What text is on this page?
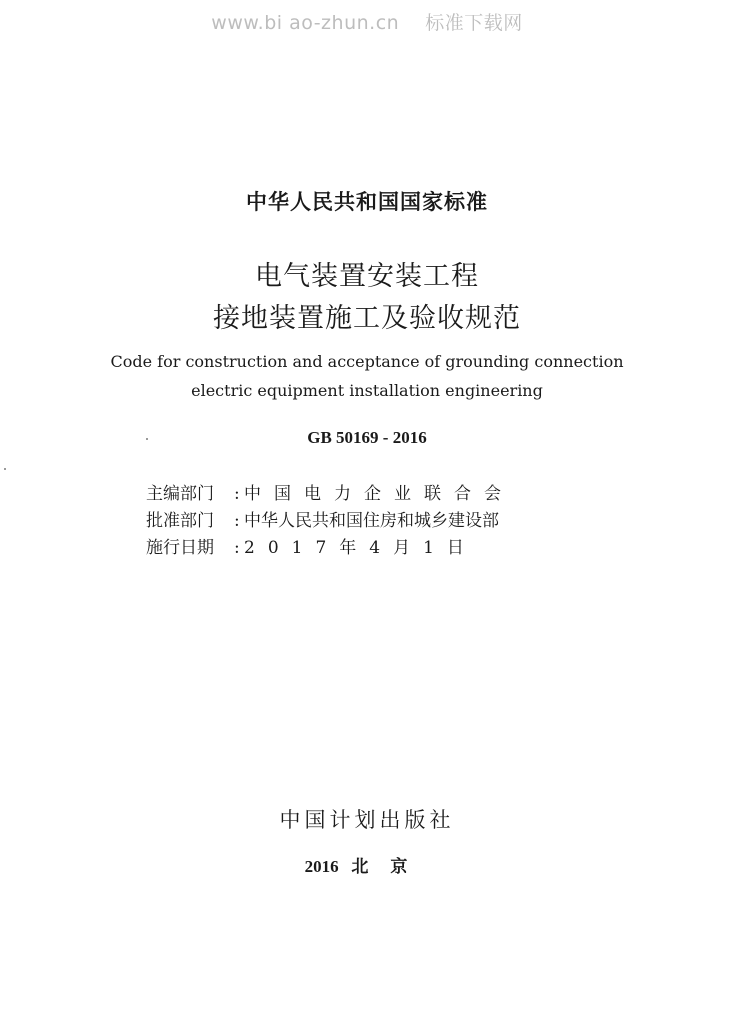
www.bi ao-zhun.cn 标准下载网
中华人民共和国国家标准
电气装置安装工程
接地装置施工及验收规范
Code for construction and acceptance of grounding connection
electric equipment installation engineering
GB 50169 - 2016
主编部门 : 中国电力企业联合会
批准部门 : 中华人民共和国住房和城乡建设部
施行日期 : 2017年4月1日
中国计划出版社
2016 北京
